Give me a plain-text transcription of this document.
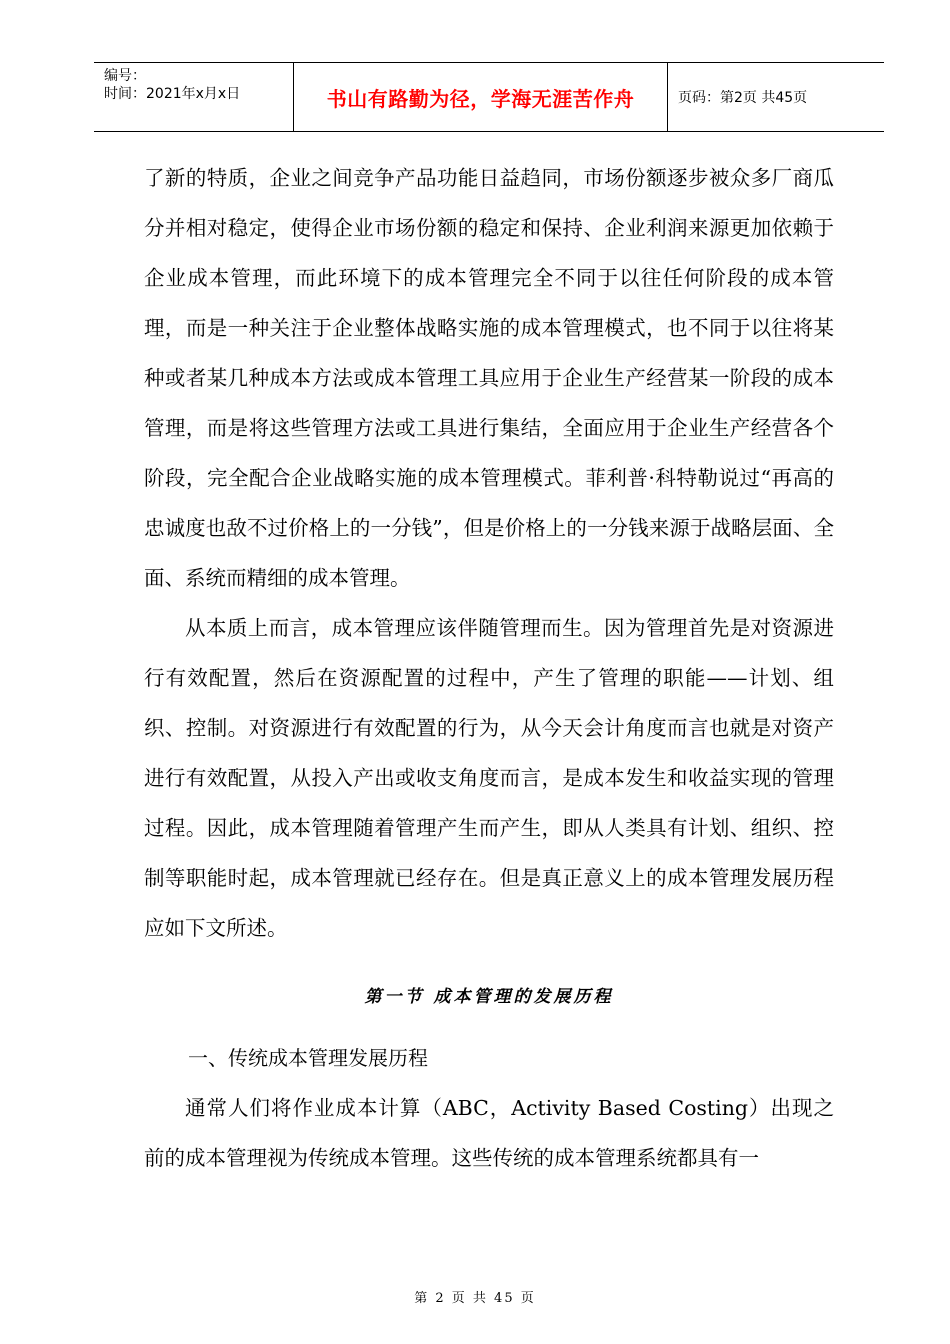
编号：
时间：2021年x月x日	书山有路勤为径，学海无涯苦作舟	页码：第2页 共45页

了新的特质，企业之间竞争产品功能日益趋同，市场份额逐步被众多厂商瓜分并相对稳定，使得企业市场份额的稳定和保持、企业利润来源更加依赖于企业成本管理，而此环境下的成本管理完全不同于以往任何阶段的成本管理，而是一种关注于企业整体战略实施的成本管理模式，也不同于以往将某种或者某几种成本方法或成本管理工具应用于企业生产经营某一阶段的成本管理，而是将这些管理方法或工具进行集结，全面应用于企业生产经营各个阶段，完全配合企业战略实施的成本管理模式。菲利普·科特勒说过“再高的忠诚度也敌不过价格上的一分钱”，但是价格上的一分钱来源于战略层面、全面、系统而精细的成本管理。

从本质上而言，成本管理应该伴随管理而生。因为管理首先是对资源进行有效配置，然后在资源配置的过程中，产生了管理的职能——计划、组织、控制。对资源进行有效配置的行为，从今天会计角度而言也就是对资产进行有效配置，从投入产出或收支角度而言，是成本发生和收益实现的管理过程。因此，成本管理随着管理产生而产生，即从人类具有计划、组织、控制等职能时起，成本管理就已经存在。但是真正意义上的成本管理发展历程应如下文所述。

第一节 成本管理的发展历程
一、传统成本管理发展历程

通常人们将作业成本计算（ABC，Activity Based Costing）出现之前的成本管理视为传统成本管理。这些传统的成本管理系统都具有一

第 2 页 共 45 页
